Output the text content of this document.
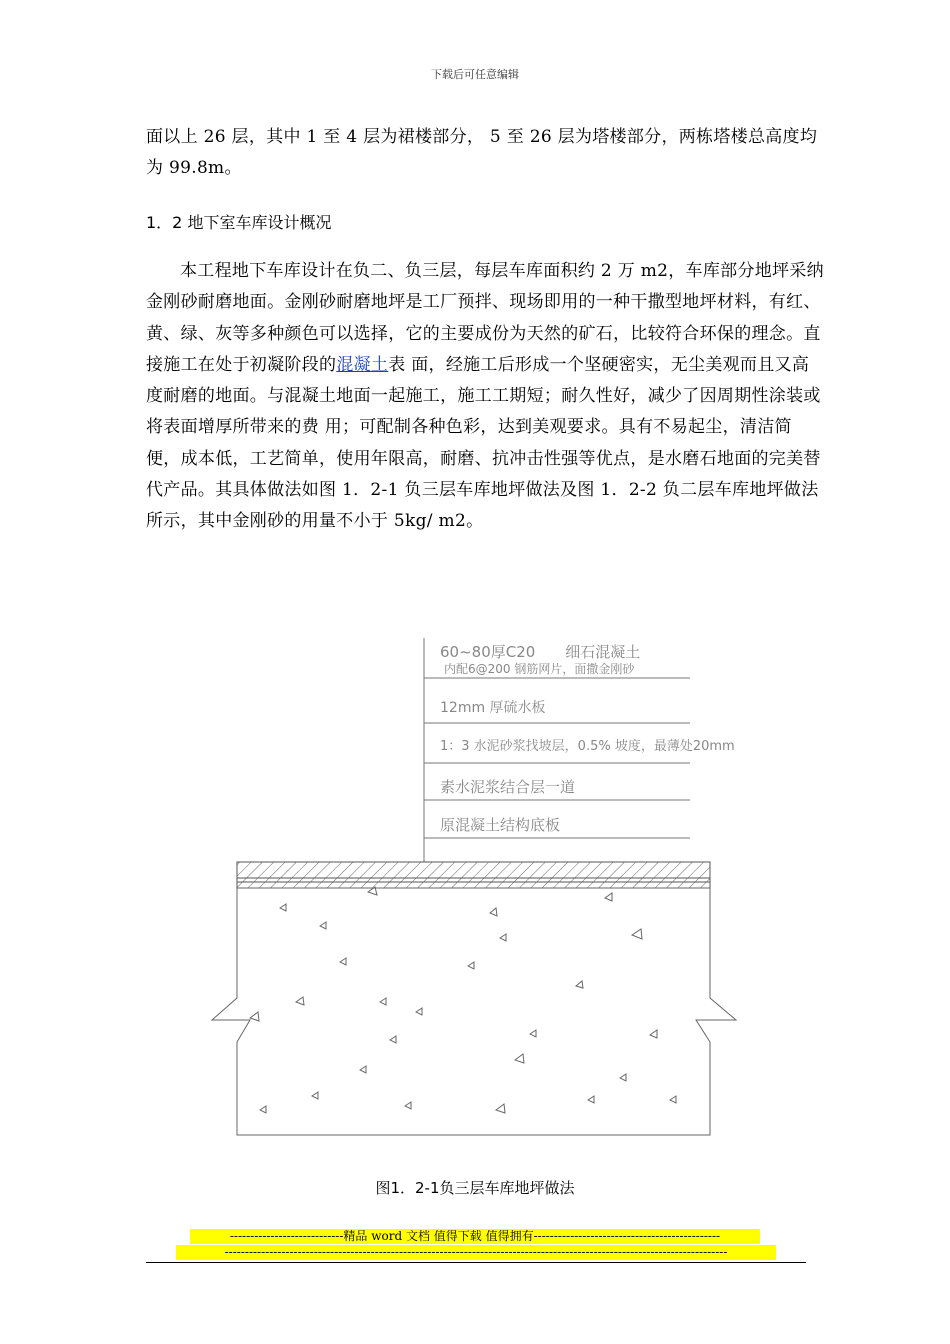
下载后可任意编辑

面以上 26 层，其中 1 至 4 层为裙楼部分， 5 至 26 层为塔楼部分，两栋塔楼总高度均为 99.8m。

1．2 地下室车库设计概况

本工程地下车库设计在负二、负三层，每层车库面积约 2 万 m2，车库部分地坪采纳金刚砂耐磨地面。金刚砂耐磨地坪是工厂预拌、现场即用的一种干撒型地坪材料，有红、黄、绿、灰等多种颜色可以选择，它的主要成份为天然的矿石，比较符合环保的理念。直接施工在处于初凝阶段的混凝土表 面，经施工后形成一个坚硬密实，无尘美观而且又高度耐磨的地面。与混凝土地面一起施工，施工工期短；耐久性好，减少了因周期性涂装或将表面增厚所带来的费 用；可配制各种色彩，达到美观要求。具有不易起尘，清洁简便，成本低，工艺简单，使用年限高，耐磨、抗冲击性强等优点，是水磨石地面的完美替代产品。其具体做法如图 1．2-1 负三层车库地坪做法及图 1．2-2 负二层车库地坪做法所示，其中金刚砂的用量不小于 5kg/ m2。

60~80厚C20　　细石混凝土
内配6@200 钢筋网片，面撒金刚砂
12mm 厚硫水板
1：3 水泥砂浆找坡层，0.5% 坡度，最薄处20mm
素水泥浆结合层一道
原混凝土结构底板
图1．2-1负三层车库地坪做法
----------------------------精品 word 文档 值得下载 值得拥有----------------------------------------------
----------------------------------------------------------------------------------------------------------------------------
